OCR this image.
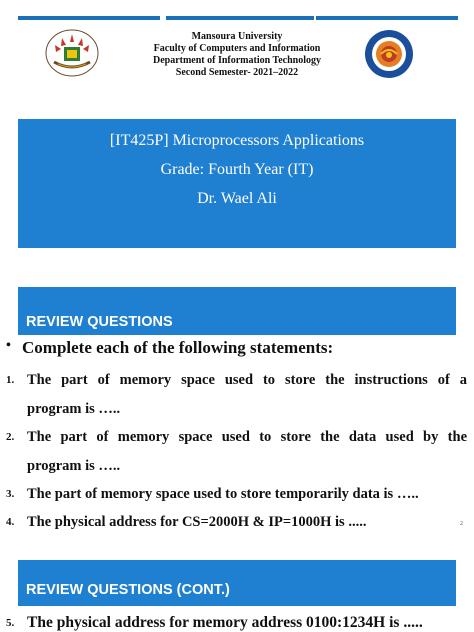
Mansoura University
Faculty of Computers and Information
Department of Information Technology
Second Semester- 2021–2022
[IT425P] Microprocessors Applications
Grade: Fourth Year (IT)
Dr. Wael Ali
REVIEW QUESTIONS
• Complete each of the following statements:
1. The part of memory space used to store the instructions of a
program is …..
2. The part of memory space used to store the data used by the
program is …..
3. The part of memory space used to store temporarily data is …..
4. The physical address for CS=2000H & IP=1000H is .....	2
REVIEW QUESTIONS (CONT.)
5. The physical address for memory address 0100:1234H is .....
